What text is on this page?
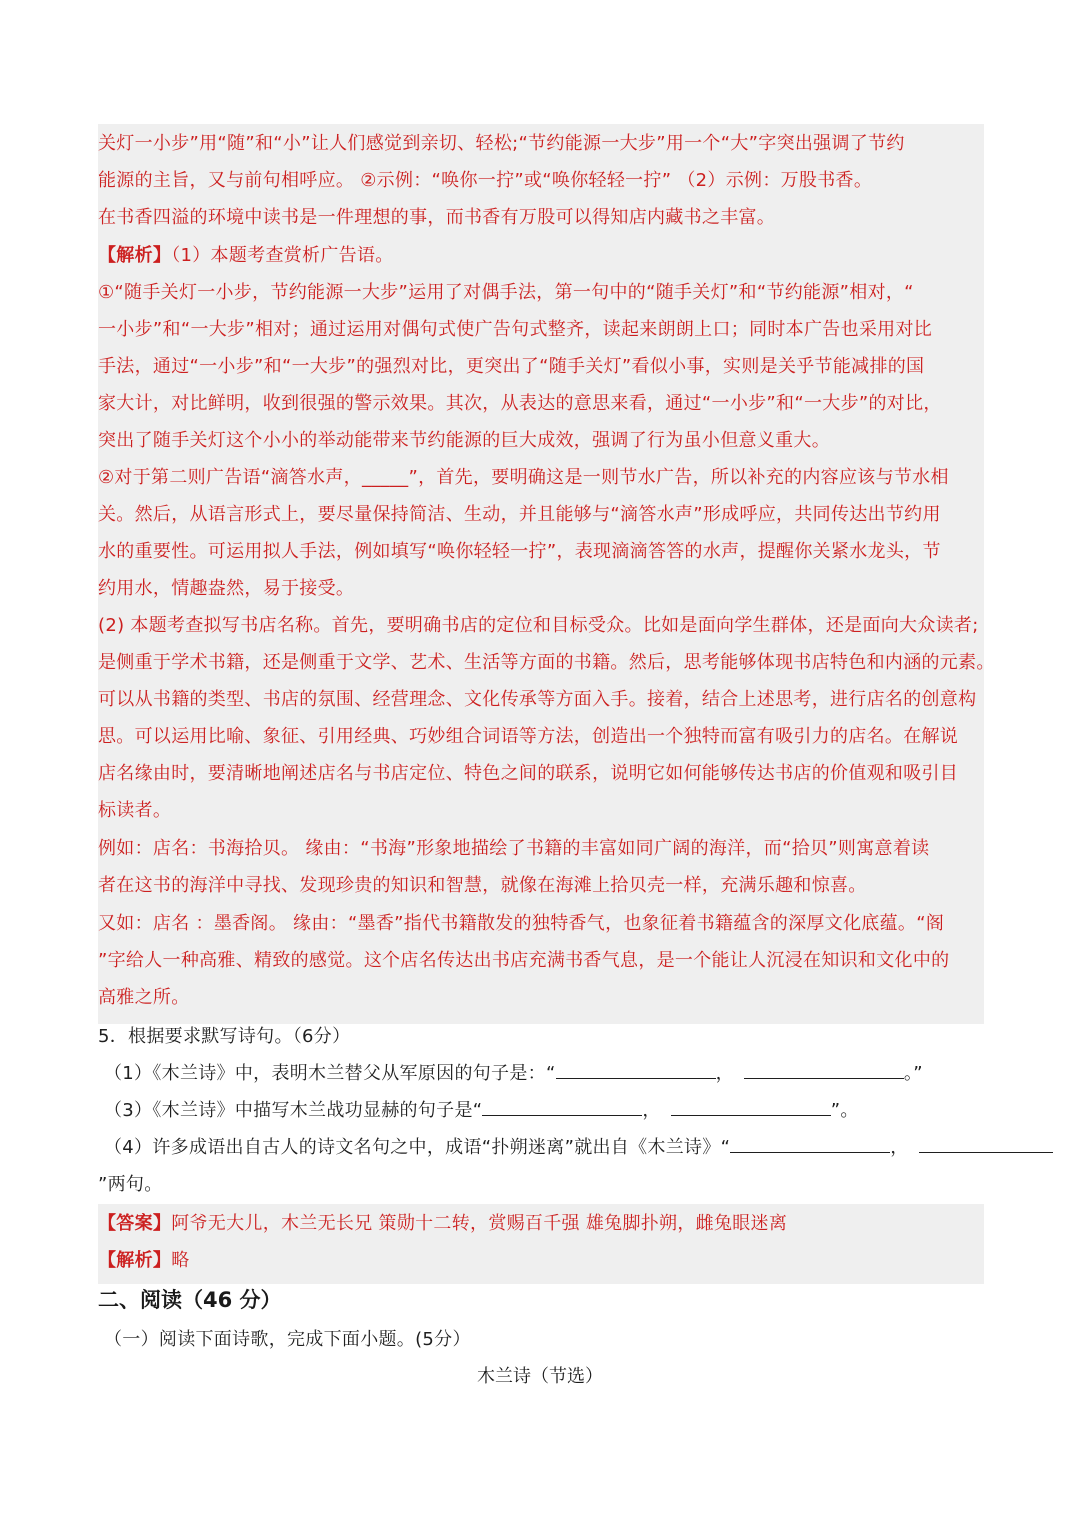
关灯一小步”用“随”和“小”让人们感觉到亲切、轻松;“节约能源一大步”用一个“大”字突出强调了节约
能源的主旨，又与前句相呼应。 ②示例：“唤你一拧”或“唤你轻轻一拧” （2）示例：万股书香。
在书香四溢的环境中读书是一件理想的事，而书香有万股可以得知店内藏书之丰富。
【解析】（1）本题考查赏析广告语。
①“随手关灯一小步，节约能源一大步”运用了对偶手法，第一句中的“随手关灯”和“节约能源”相对，“
一小步”和“一大步”相对；通过运用对偶句式使广告句式整齐，读起来朗朗上口；同时本广告也采用对比
手法，通过“一小步”和“一大步”的强烈对比，更突出了“随手关灯”看似小事，实则是关乎节能减排的国
家大计，对比鲜明，收到很强的警示效果。其次，从表达的意思来看，通过“一小步”和“一大步”的对比，
突出了随手关灯这个小小的举动能带来节约能源的巨大成效，强调了行为虽小但意义重大。
②对于第二则广告语“滴答水声，_____”，首先，要明确这是一则节水广告，所以补充的内容应该与节水相
关。然后，从语言形式上，要尽量保持简洁、生动，并且能够与“滴答水声”形成呼应，共同传达出节约用
水的重要性。可运用拟人手法，例如填写“唤你轻轻一拧”，表现滴滴答答的水声，提醒你关紧水龙头，节
约用水，情趣盎然，易于接受。
(2) 本题考查拟写书店名称。首先，要明确书店的定位和目标受众。比如是面向学生群体，还是面向大众读者;
是侧重于学术书籍，还是侧重于文学、艺术、生活等方面的书籍。然后，思考能够体现书店特色和内涵的元素。
可以从书籍的类型、书店的氛围、经营理念、文化传承等方面入手。接着，结合上述思考，进行店名的创意构
思。可以运用比喻、象征、引用经典、巧妙组合词语等方法，创造出一个独特而富有吸引力的店名。在解说
店名缘由时，要清晰地阐述店名与书店定位、特色之间的联系，说明它如何能够传达书店的价值观和吸引目
标读者。
例如：店名：书海拾贝。 缘由：“书海”形象地描绘了书籍的丰富如同广阔的海洋，而“拾贝”则寓意着读
者在这书的海洋中寻找、发现珍贵的知识和智慧，就像在海滩上拾贝壳一样，充满乐趣和惊喜。
又如：店名 ：墨香阁。 缘由：“墨香”指代书籍散发的独特香气，也象征着书籍蕴含的深厚文化底蕴。“阁
”字给人一种高雅、精致的感觉。这个店名传达出书店充满书香气息，是一个能让人沉浸在知识和文化中的
高雅之所。
5．根据要求默写诗句。（6分）
（1）《木兰诗》中，表明木兰替父从军原因的句子是：“	，	。”
（3）《木兰诗》中描写木兰战功显赫的句子是“	，	”。
（4）许多成语出自古人的诗文名句之中，成语“扑朔迷离”就出自《木兰诗》“	，
”两句。
【答案】阿爷无大儿，木兰无长兄 策勋十二转，赏赐百千强 雄兔脚扑朔，雌兔眼迷离
【解析】略
二、阅读（46 分）
（一）阅读下面诗歌，完成下面小题。(5分）
木兰诗（节选）
